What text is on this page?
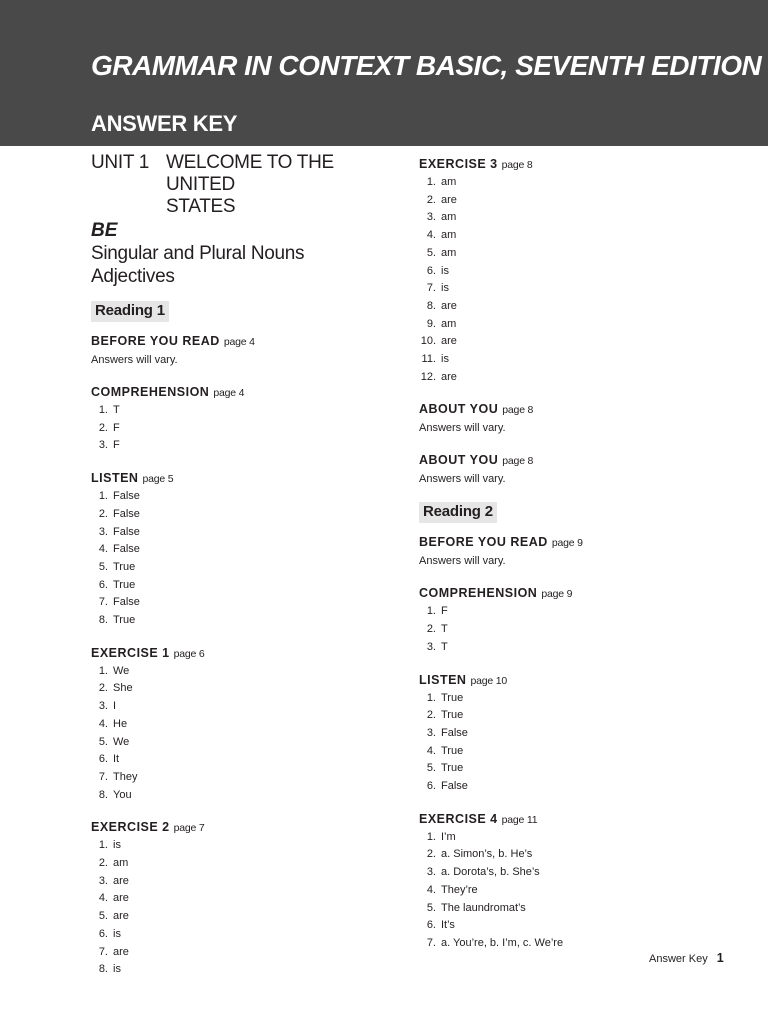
GRAMMAR IN CONTEXT BASIC, SEVENTH EDITION
ANSWER KEY
UNIT 1 WELCOME TO THE UNITED
STATES
BE
Singular and Plural Nouns
Adjectives
Reading 1
BEFORE YOU READ page 4
Answers will vary.
COMPREHENSION page 4
1. T
2. F
3. F
LISTEN page 5
1. False
2. False
3. False
4. False
5. True
6. True
7. False
8. True
EXERCISE 1 page 6
1. We
2. She
3. I
4. He
5. We
6. It
7. They
8. You
EXERCISE 2 page 7
1. is
2. am
3. are
4. are
5. are
6. is
7. are
8. is
EXERCISE 3 page 8
1. am
2. are
3. am
4. am
5. am
6. is
7. is
8. are
9. am
10. are
11. is
12. are
ABOUT YOU page 8
Answers will vary.
ABOUT YOU page 8
Answers will vary.
Reading 2
BEFORE YOU READ page 9
Answers will vary.
COMPREHENSION page 9
1. F
2. T
3. T
LISTEN page 10
1. True
2. True
3. False
4. True
5. True
6. False
EXERCISE 4 page 11
1. I’m
2. a. Simon’s, b. He’s
3. a. Dorota’s, b. She’s
4. They’re
5. The laundromat’s
6. It’s
7. a. You’re, b. I’m, c. We’re
Answer Key 1
